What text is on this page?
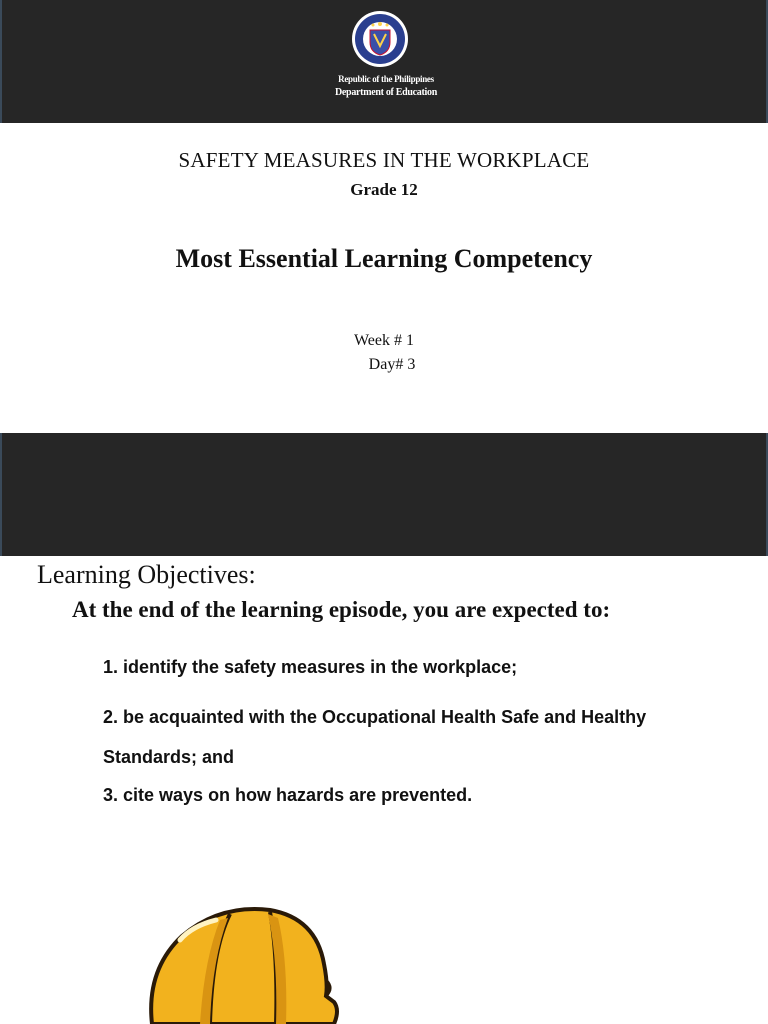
Republic of the Philippines
Department of Education
SAFETY MEASURES IN THE WORKPLACE
Grade 12
Most Essential Learning Competency
Week # 1
Day# 3
Learning Objectives:
At the end of the learning episode, you are expected to:
1. identify the safety measures in the workplace;
2. be acquainted with the Occupational Health Safe and Healthy
Standards; and
3. cite ways on how hazards are prevented.
